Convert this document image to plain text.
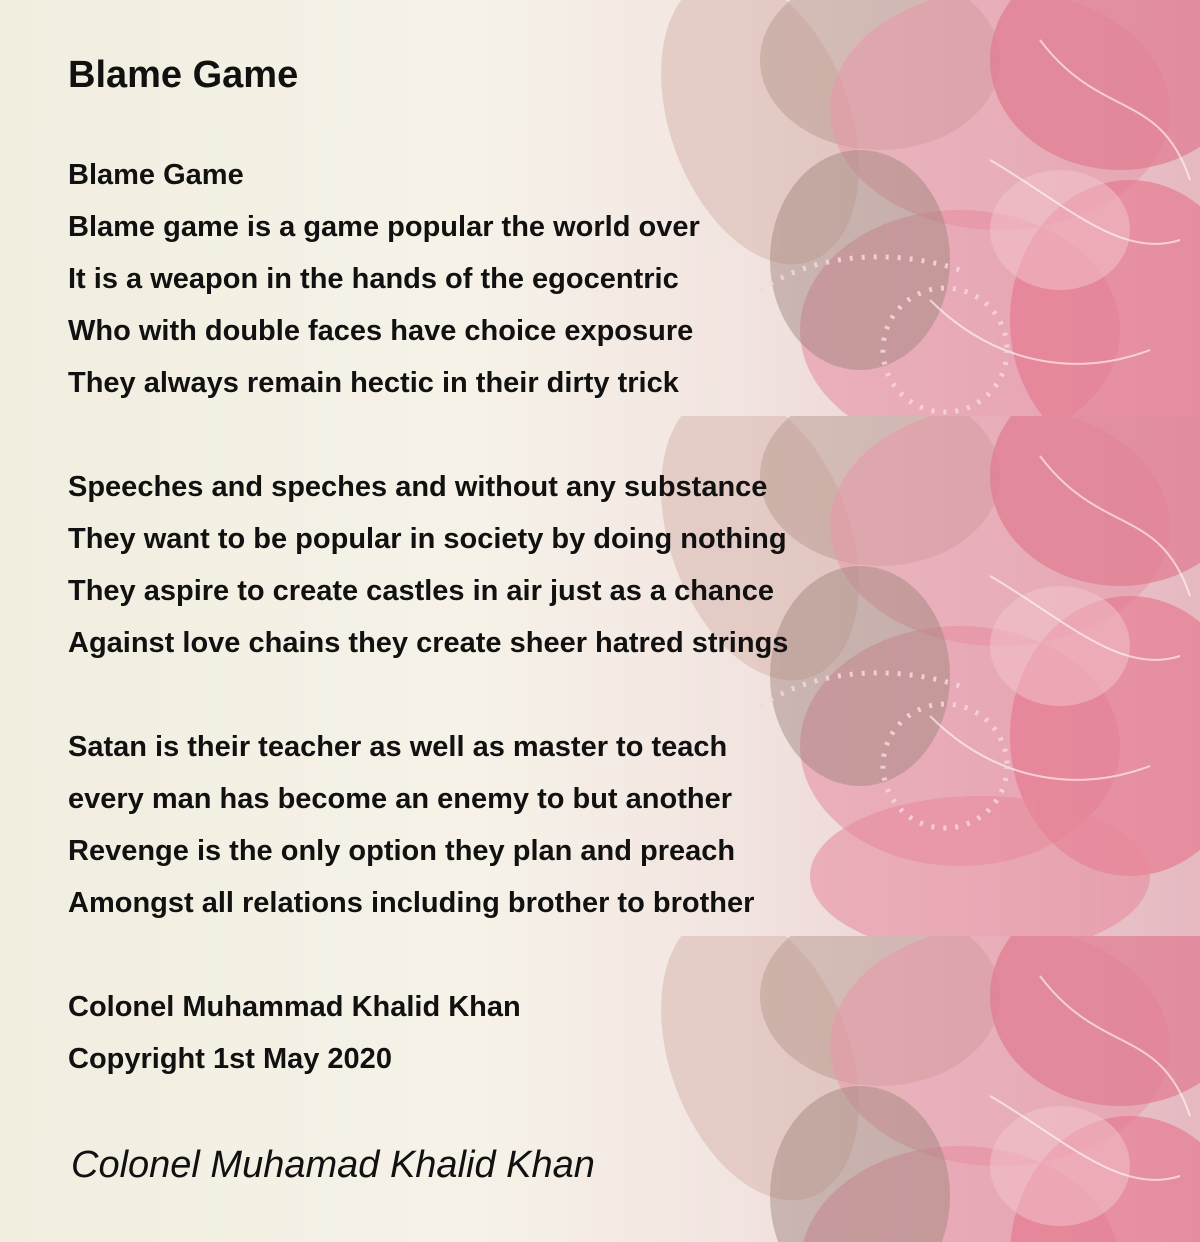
Blame Game

Blame Game

Blame game is a game popular the world over

It is a weapon in the hands of the egocentric

Who with double faces have choice exposure

They always remain hectic in their dirty trick

Speeches and speches and without any substance

They want to be popular in society by doing nothing

They aspire to create castles in air just as a chance

Against love chains they create sheer hatred strings

Satan is their teacher as well as master to teach

every man has become an enemy to but another

Revenge is the only option they plan and preach

Amongst all relations including brother to brother

Colonel Muhammad Khalid Khan

Copyright 1st May 2020

Colonel Muhamad Khalid Khan
